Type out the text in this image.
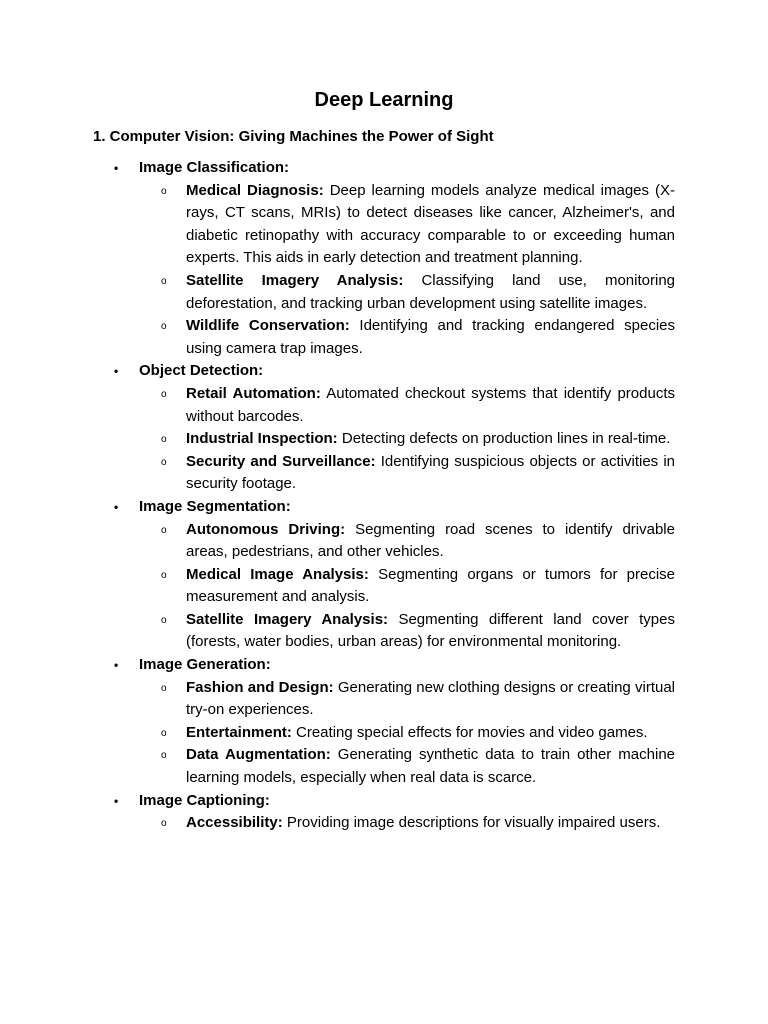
Deep Learning
1. Computer Vision: Giving Machines the Power of Sight
• Image Classification:
o Medical Diagnosis: Deep learning models analyze medical images (X-rays, CT scans, MRIs) to detect diseases like cancer, Alzheimer's, and diabetic retinopathy with accuracy comparable to or exceeding human experts. This aids in early detection and treatment planning.
o Satellite Imagery Analysis: Classifying land use, monitoring deforestation, and tracking urban development using satellite images.
o Wildlife Conservation: Identifying and tracking endangered species using camera trap images.
• Object Detection:
o Retail Automation: Automated checkout systems that identify products without barcodes.
o Industrial Inspection: Detecting defects on production lines in real-time.
o Security and Surveillance: Identifying suspicious objects or activities in security footage.
• Image Segmentation:
o Autonomous Driving: Segmenting road scenes to identify drivable areas, pedestrians, and other vehicles.
o Medical Image Analysis: Segmenting organs or tumors for precise measurement and analysis.
o Satellite Imagery Analysis: Segmenting different land cover types (forests, water bodies, urban areas) for environmental monitoring.
• Image Generation:
o Fashion and Design: Generating new clothing designs or creating virtual try-on experiences.
o Entertainment: Creating special effects for movies and video games.
o Data Augmentation: Generating synthetic data to train other machine learning models, especially when real data is scarce.
• Image Captioning:
o Accessibility: Providing image descriptions for visually impaired users.
